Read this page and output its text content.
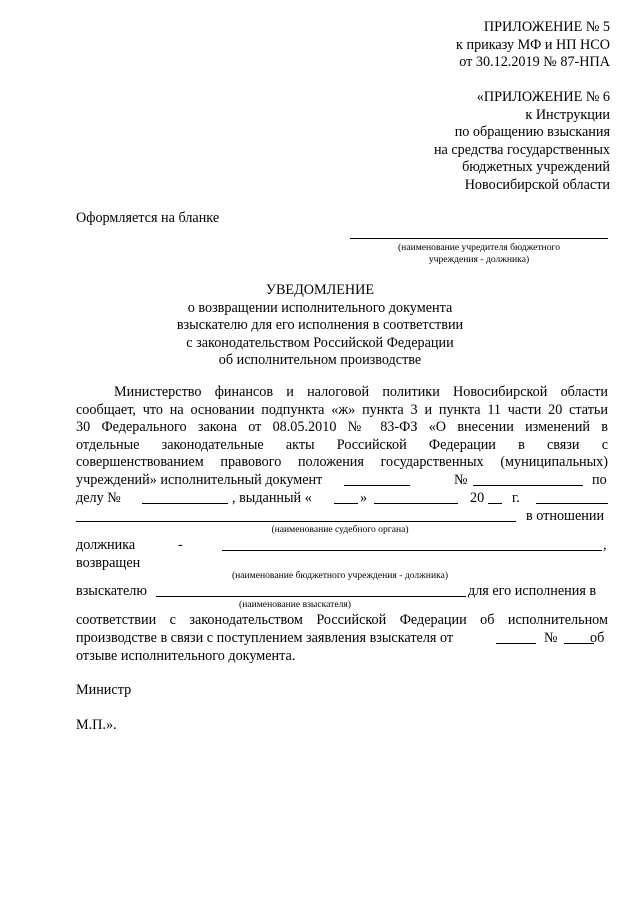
ПРИЛОЖЕНИЕ № 5
к приказу МФ и НП НСО
от 30.12.2019 № 87-НПА
«ПРИЛОЖЕНИЕ № 6
к Инструкции
по обращению взыскания
на средства государственных
бюджетных учреждений
Новосибирской области
Оформляется на бланке
(наименование учредителя бюджетного
учреждения - должника)
УВЕДОМЛЕНИЕ
о возвращении исполнительного документа
взыскателю для его исполнения в соответствии
с законодательством Российской Федерации
об исполнительном производстве
Министерство финансов и налоговой политики Новосибирской области
сообщает, что на основании подпункта «ж» пункта 3 и пункта 11 части 20 статьи
30 Федерального закона от 08.05.2010 № 83-ФЗ «О внесении изменений в
отдельные законодательные акты Российской Федерации в связи с
совершенствованием правового положения государственных (муниципальных)
учреждений» исполнительный документ	№	по
делу №	, выданный «	»	20 г.
в отношении
(наименование судебного органа)
должника	-	,
возвращен
(наименование бюджетного учреждения - должника)
взыскателю	для его исполнения в
(наименование взыскателя)
соответствии с законодательством Российской Федерации об исполнительном
производстве в связи с поступлением заявления взыскателя от	№ об
отзыве исполнительного документа.
Министр
М.П.».
